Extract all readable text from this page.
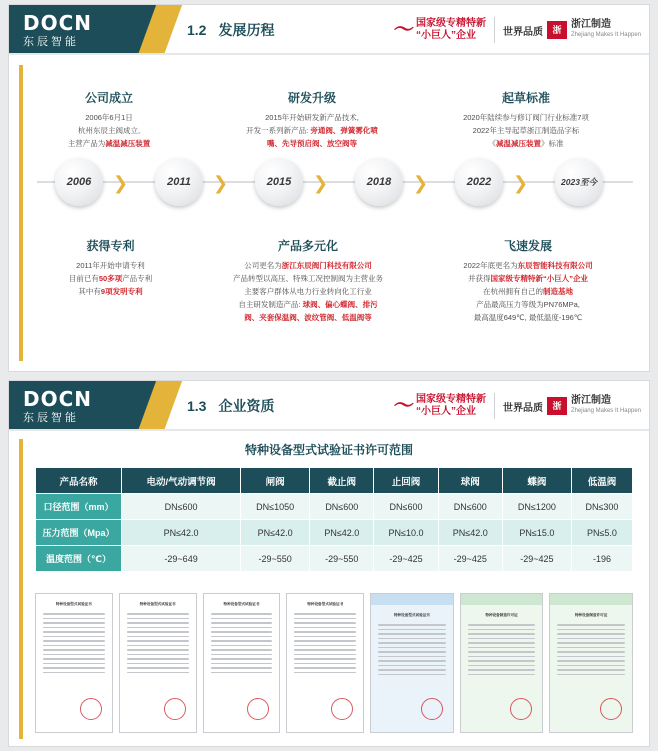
DOCN
东辰智能
1.2 发展历程	〜 国家级专精特新
“小巨人”企业	世界品质	浙 浙江制造
Zhejiang Makes It Happen
2006	2011	2015	2018	2022	2023至今
❯	❯	❯	❯	❯
公司成立
2006年6月1日
杭州东辰主阀成立,
主营产品为减温减压装置
研发升级
2015年开始研发新产品技术,
开发一系列新产品: 旁通阀、弹簧雾化喷
嘴、先导预启阀、放空阀等
起草标准
2020年陆续参与修订阀门行业标准7项
2022年主导起草浙江制造品字标
《减温减压装置》标准
获得专利
2011年开始申请专利
目前已有50多项产品专利
其中有9项发明专利
产品多元化
公司更名为浙江东辰阀门科技有限公司
产品转型以高压、特殊工况控制阀为主营业务
主要客户群体从电力行业转向化工行业
自主研发制造产品: 球阀、偏心蝶阀、排污
阀、夹套保温阀、波纹管阀、低温阀等
飞速发展
2022年底更名为东辰智能科技有限公司
并获得国家级专精特新“小巨人”企业
在杭州拥有自己的制造基地
产品最高压力等级为PN76MPa,
最高温度649℃, 最低温度-196℃
DOCN
东辰智能
1.3 企业资质	〜 国家级专精特新
“小巨人”企业	世界品质	浙 浙江制造
Zhejiang Makes It Happen
特种设备型式试验证书许可范围
产品名称	电动/气动调节阀	闸阀	截止阀	止回阀	球阀	蝶阀	低温阀
口径范围（mm）	DN≤600	DN≤1050	DN≤600	DN≤600	DN≤600	DN≤1200	DN≤300
压力范围（Mpa）	PN≤42.0	PN≤42.0	PN≤42.0	PN≤10.0	PN≤42.0	PN≤15.0	PN≤5.0
温度范围（℃）	-29~649	-29~550	-29~550	-29~425	-29~425	-29~425	-196
特种设备型式试验证书	特种设备型式试验证书	特种设备型式试验证书	特种设备型式试验证书
特种设备型式试验证书	特种设备制造许可证	特种设备制造许可证
